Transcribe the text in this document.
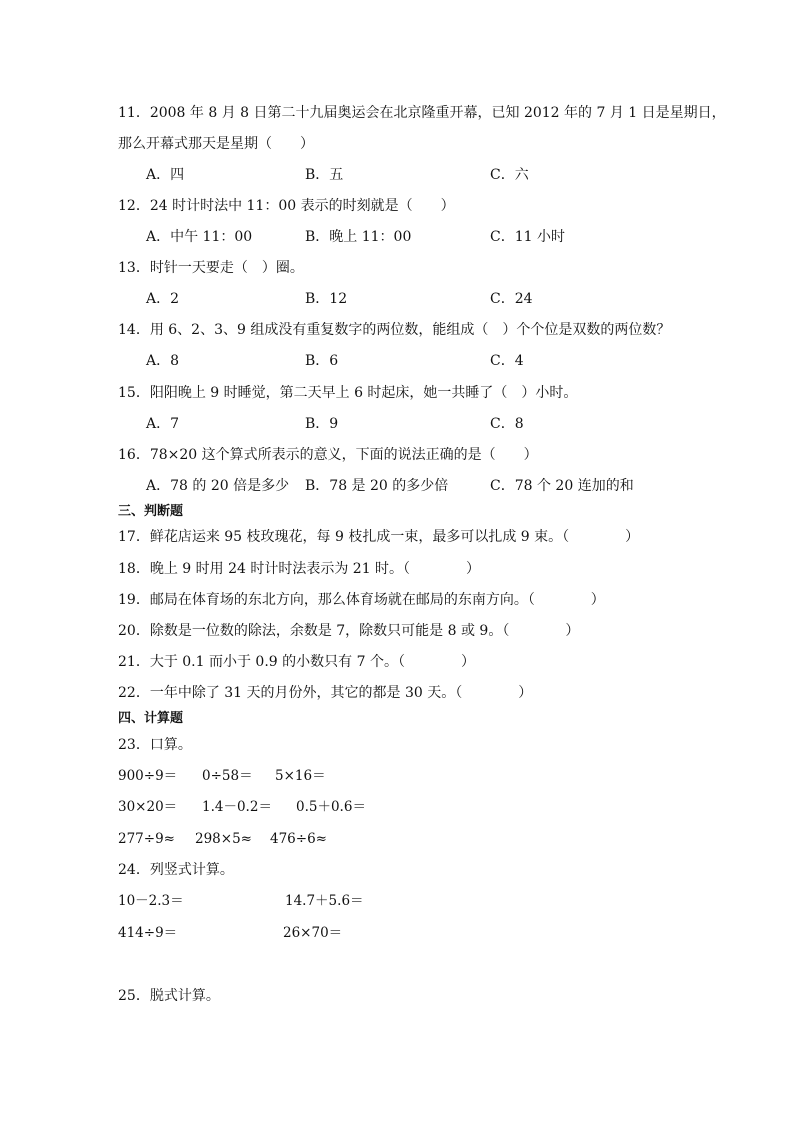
11．2008 年 8 月 8 日第二十九届奥运会在北京隆重开幕，已知 2012 年的 7 月 1 日是星期日，
那么开幕式那天是星期（　　）
A．四	B．五	C．六
12．24 时计时法中 11：00 表示的时刻就是（　　）
A．中午 11：00	B．晚上 11：00	C．11 小时
13．时针一天要走（　）圈。
A．2	B．12	C．24
14．用 6、2、3、9 组成没有重复数字的两位数，能组成（　）个个位是双数的两位数？
A．8	B．6	C．4
15．阳阳晚上 9 时睡觉，第二天早上 6 时起床，她一共睡了（　）小时。
A．7	B．9	C．8
16．78×20 这个算式所表示的意义，下面的说法正确的是（　　）
A．78 的 20 倍是多少 B．78 是 20 的多少倍	C．78 个 20 连加的和
三、判断题
17．鲜花店运来 95 枝玫瑰花，每 9 枝扎成一束，最多可以扎成 9 束。（　　　　）
18．晚上 9 时用 24 时计时法表示为 21 时。（　　　　）
19．邮局在体育场的东北方向，那么体育场就在邮局的东南方向。（　　　　）
20．除数是一位数的除法，余数是 7，除数只可能是 8 或 9。（　　　　）
21．大于 0.1 而小于 0.9 的小数只有 7 个。（　　　　）
22．一年中除了 31 天的月份外，其它的都是 30 天。（　　　　）
四、计算题
23．口算。
900÷9＝ 0÷58＝ 5×16＝
30×20＝ 1.4－0.2＝ 0.5＋0.6＝
277÷9≈ 298×5≈ 476÷6≈
24．列竖式计算。
10－2.3＝	14.7＋5.6＝
414÷9＝	26×70＝
25．脱式计算。
